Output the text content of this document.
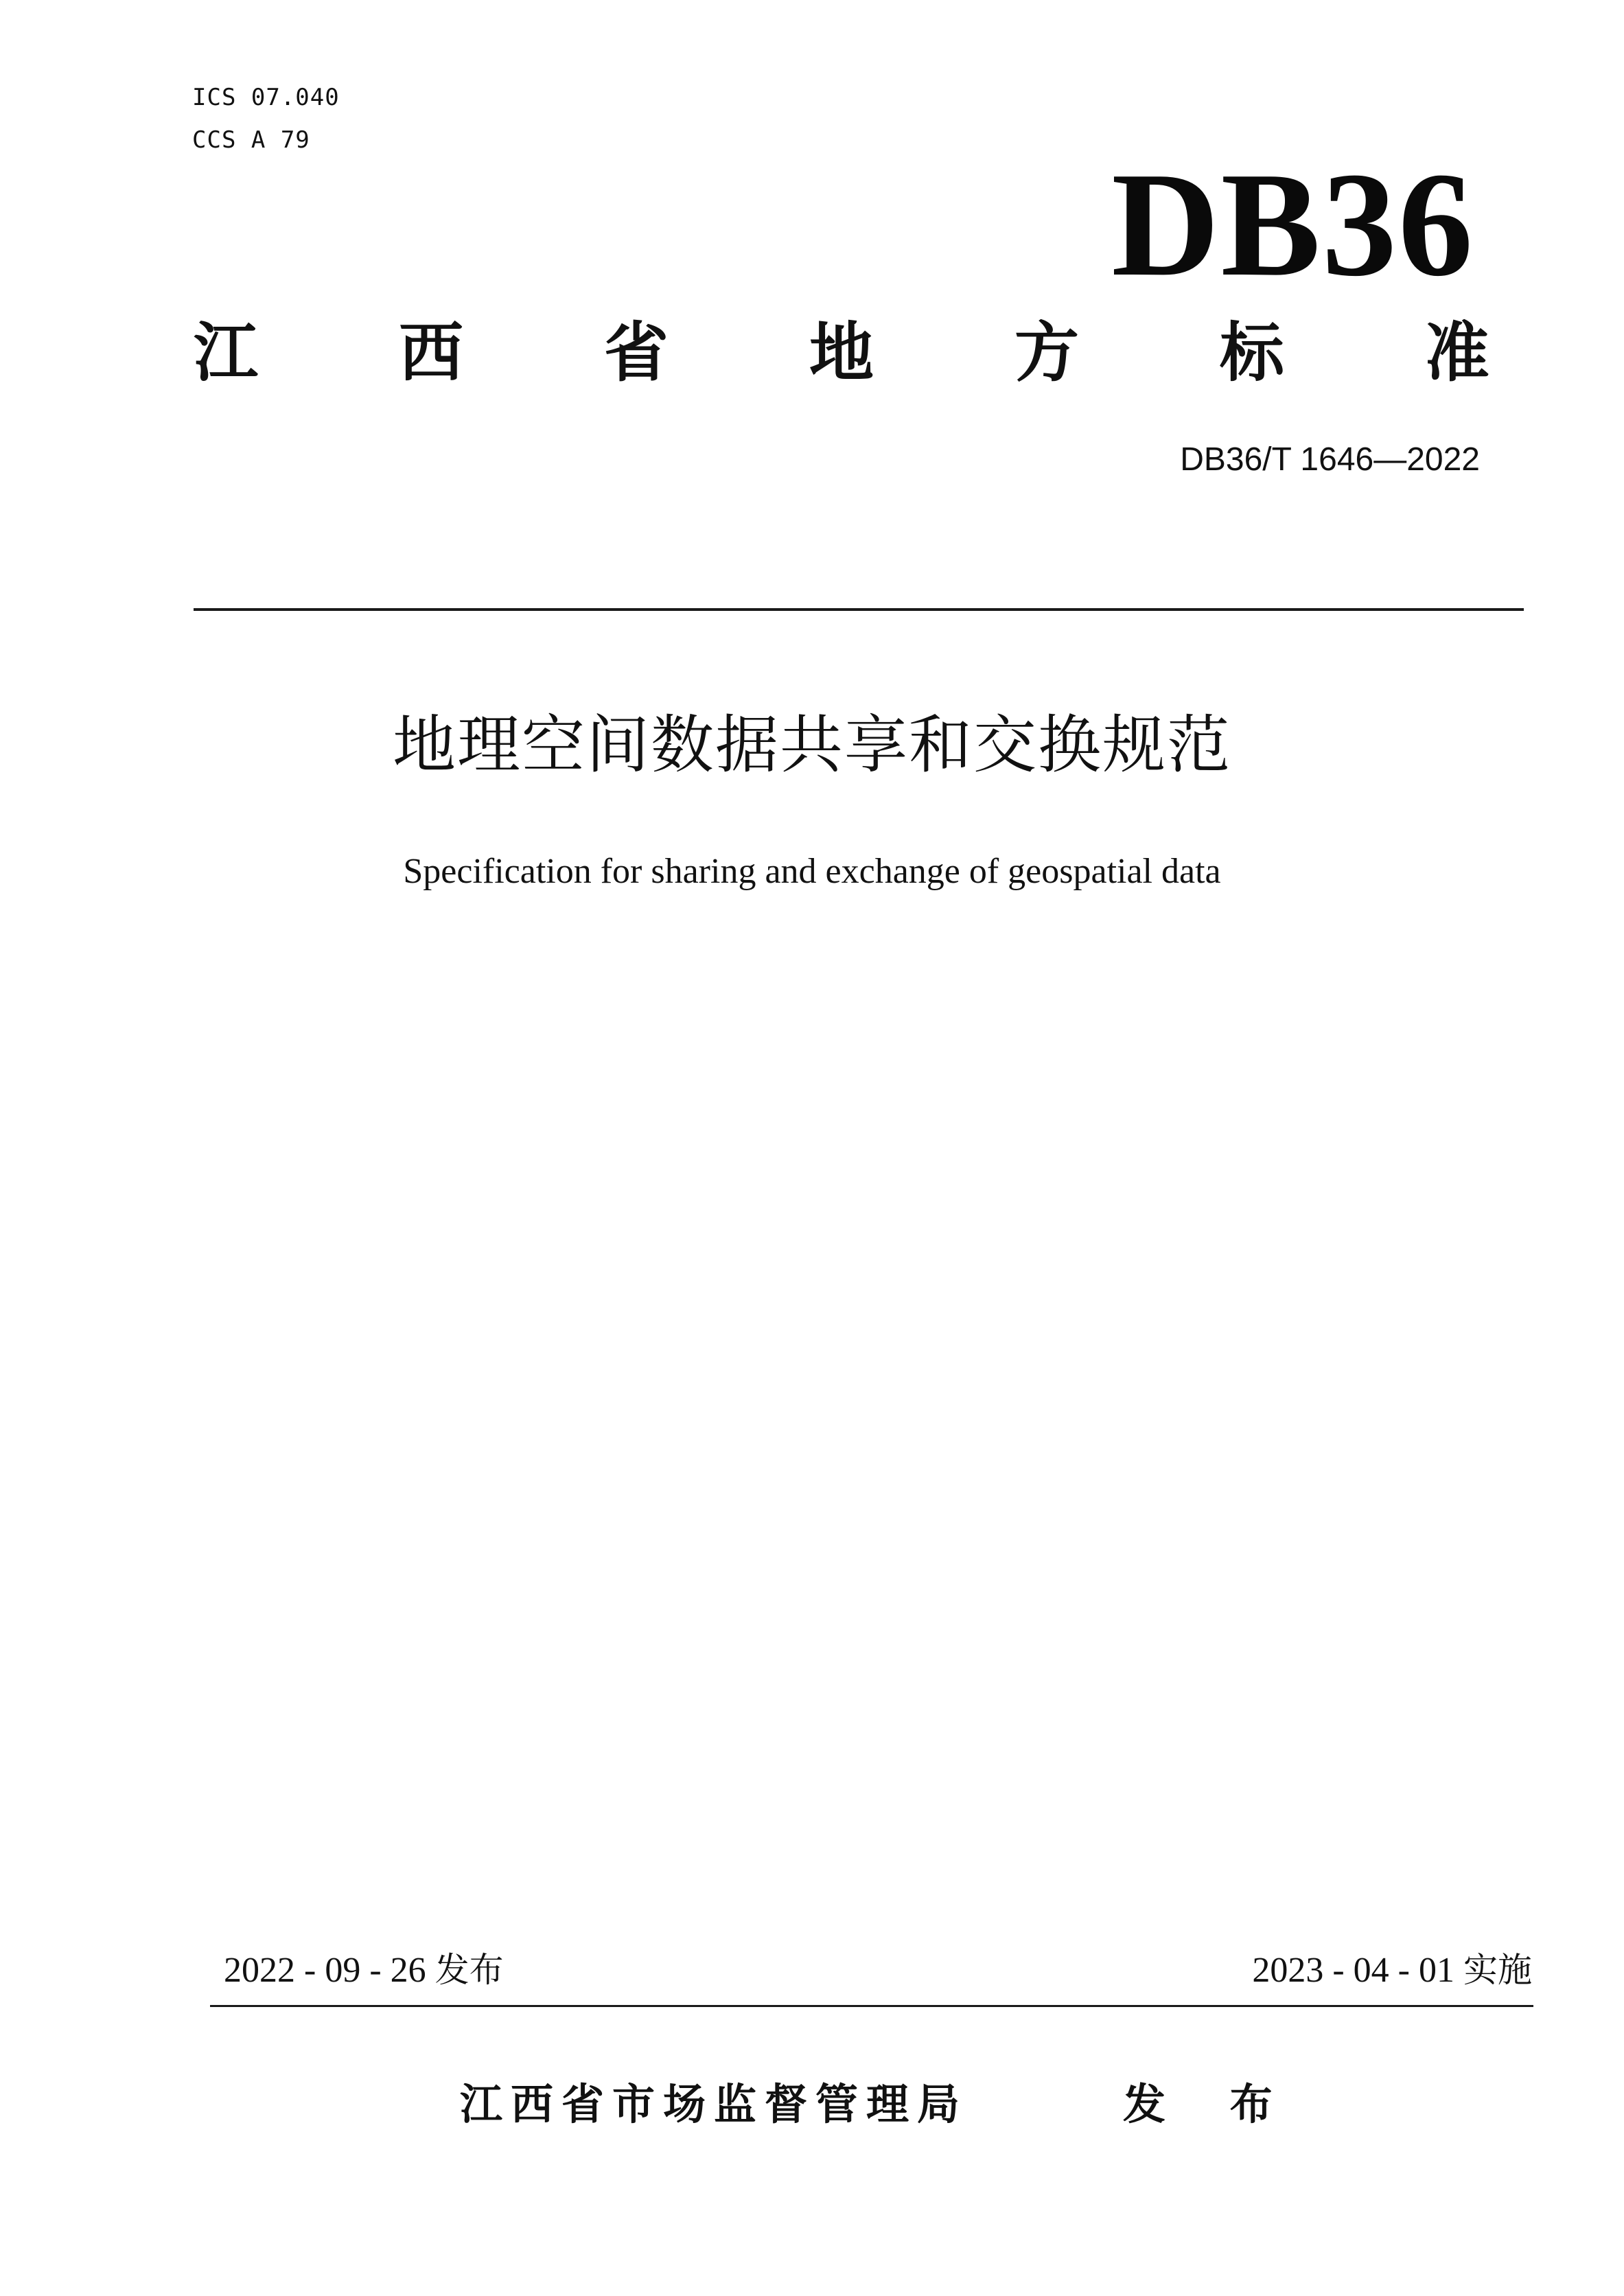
ICS 07.040
CCS A 79
DB36
江 西 省 地 方 标 准
DB36/T 1646—2022
地理空间数据共享和交换规范
Specification for sharing and exchange of geospatial data
2022 - 09 - 26 发布	2023 - 04 - 01 实施
江西省市场监督管理局	发 布
